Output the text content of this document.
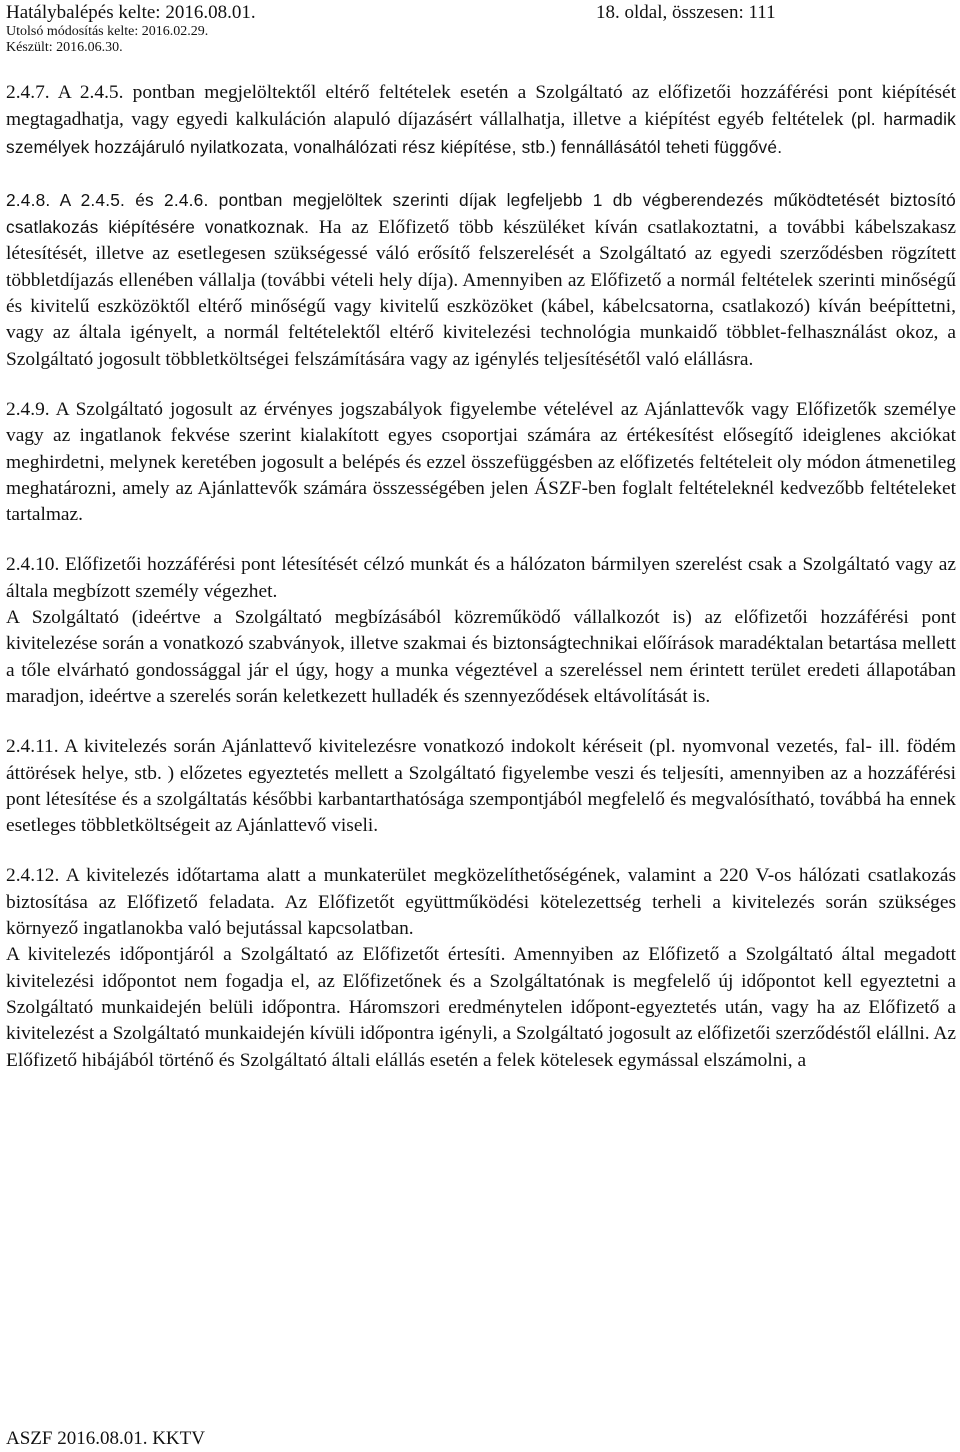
Hatálybalépés kelte: 2016.08.01.	18. oldal, összesen: 111
Utolsó módosítás kelte: 2016.02.29.
Készült: 2016.06.30.

2.4.7. A 2.4.5. pontban megjelöltektől eltérő feltételek esetén a Szolgáltató az előfizetői hozzáférési pont kiépítését megtagadhatja, vagy egyedi kalkuláción alapuló díjazásért vállalhatja, illetve a kiépítést egyéb feltételek (pl. harmadik személyek hozzájáruló nyilatkozata, vonalhálózati rész kiépítése, stb.) fennállásától teheti függővé.

2.4.8. A 2.4.5. és 2.4.6. pontban megjelöltek szerinti díjak legfeljebb 1 db végberendezés működtetését biztosító csatlakozás kiépítésére vonatkoznak. Ha az Előfizető több készüléket kíván csatlakoztatni, a további kábelszakasz létesítését, illetve az esetlegesen szükségessé váló erősítő felszerelését a Szolgáltató az egyedi szerződésben rögzített többletdíjazás ellenében vállalja (további vételi hely díja). Amennyiben az Előfizető a normál feltételek szerinti minőségű és kivitelű eszközöktől eltérő minőségű vagy kivitelű eszközöket (kábel, kábelcsatorna, csatlakozó) kíván beépíttetni, vagy az általa igényelt, a normál feltételektől eltérő kivitelezési technológia munkaidő többlet-felhasználást okoz, a Szolgáltató jogosult többletköltségei felszámítására vagy az igénylés teljesítésétől való elállásra.

2.4.9. A Szolgáltató jogosult az érvényes jogszabályok figyelembe vételével az Ajánlattevők vagy Előfizetők személye vagy az ingatlanok fekvése szerint kialakított egyes csoportjai számára az értékesítést elősegítő ideiglenes akciókat meghirdetni, melynek keretében jogosult a belépés és ezzel összefüggésben az előfizetés feltételeit oly módon átmenetileg meghatározni, amely az Ajánlattevők számára összességében jelen ÁSZF-ben foglalt feltételeknél kedvezőbb feltételeket tartalmaz.

2.4.10. Előfizetői hozzáférési pont létesítését célzó munkát és a hálózaton bármilyen szerelést csak a Szolgáltató vagy az általa megbízott személy végezhet.

A Szolgáltató (ideértve a Szolgáltató megbízásából közreműködő vállalkozót is) az előfizetői hozzáférési pont kivitelezése során a vonatkozó szabványok, illetve szakmai és biztonságtechnikai előírások maradéktalan betartása mellett a tőle elvárható gondossággal jár el úgy, hogy a munka végeztével a szereléssel nem érintett terület eredeti állapotában maradjon, ideértve a szerelés során keletkezett hulladék és szennyeződések eltávolítását is.

2.4.11. A kivitelezés során Ajánlattevő kivitelezésre vonatkozó indokolt kéréseit (pl. nyomvonal vezetés, fal- ill. födém áttörések helye, stb. ) előzetes egyeztetés mellett a Szolgáltató figyelembe veszi és teljesíti, amennyiben az a hozzáférési pont létesítése és a szolgáltatás későbbi karbantarthatósága szempontjából megfelelő és megvalósítható, továbbá ha ennek esetleges többletköltségeit az Ajánlattevő viseli.

2.4.12. A kivitelezés időtartama alatt a munkaterület megközelíthetőségének, valamint a 220 V-os hálózati csatlakozás biztosítása az Előfizető feladata. Az Előfizetőt együttműködési kötelezettség terheli a kivitelezés során szükséges környező ingatlanokba való bejutással kapcsolatban.

A kivitelezés időpontjáról a Szolgáltató az Előfizetőt értesíti. Amennyiben az Előfizető a Szolgáltató által megadott kivitelezési időpontot nem fogadja el, az Előfizetőnek és a Szolgáltatónak is megfelelő új időpontot kell egyeztetni a Szolgáltató munkaidején belüli időpontra. Háromszori eredménytelen időpont-egyeztetés után, vagy ha az Előfizető a kivitelezést a Szolgáltató munkaidején kívüli időpontra igényli, a Szolgáltató jogosult az előfizetői szerződéstől elállni. Az Előfizető hibájából történő és Szolgáltató általi elállás esetén a felek kötelesek egymással elszámolni, a

ASZF 2016.08.01. KKTV
